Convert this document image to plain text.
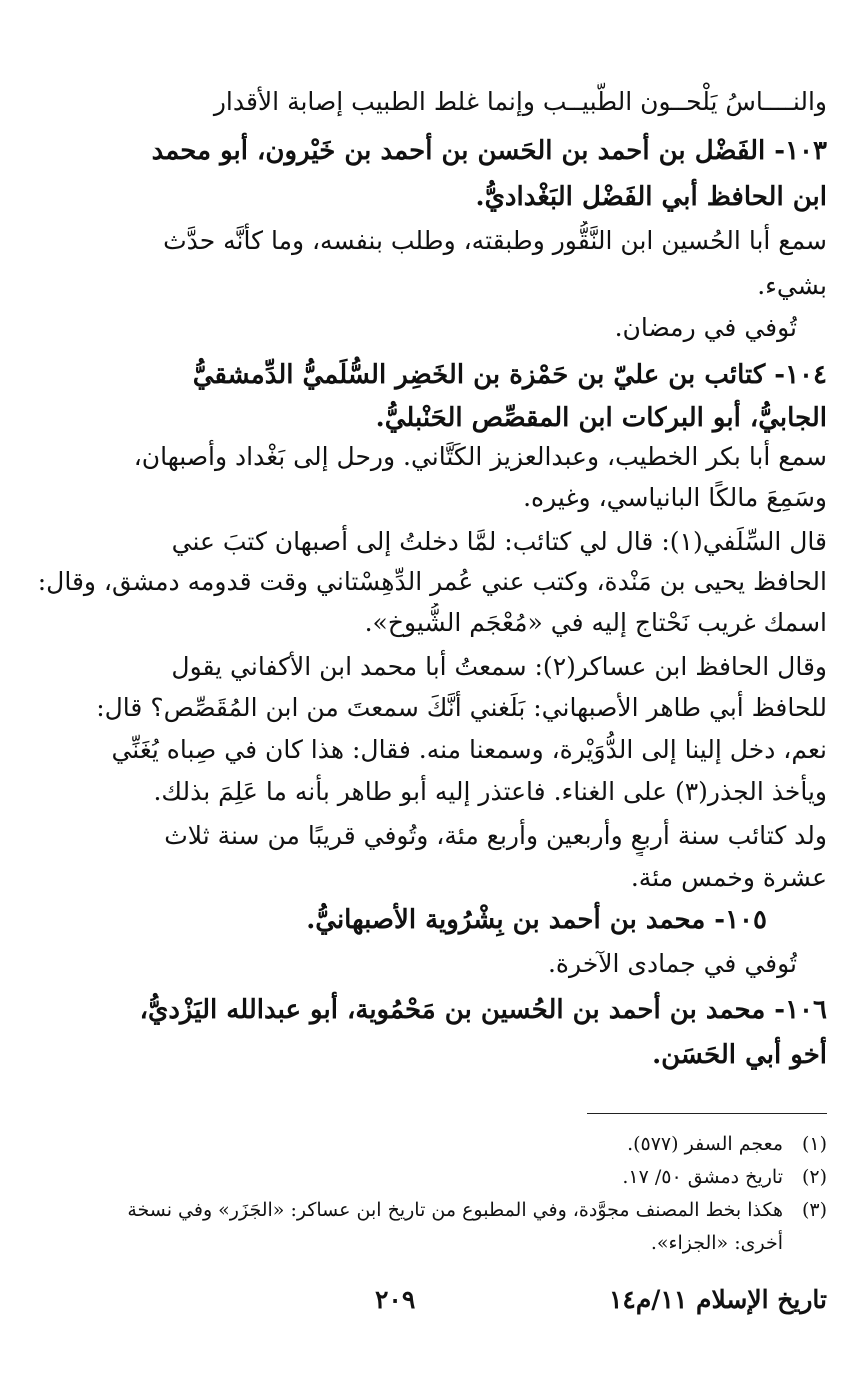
والنــــاسُ يَلْحــون الطَّبيــب وإنما غلط الطبيب إصابة الأقدار
١٠٣- الفَضْل بن أحمد بن الحَسن بن أحمد بن خَيْرون، أبو محمد
ابن الحافظ أبي الفَضْل البَغْداديُّ.
سمع أبا الحُسين ابن النَّقُّور وطبقته، وطلب بنفسه، وما كأنَّه حدَّث
بشيء.
تُوفي في رمضان.
١٠٤- كتائب بن عليّ بن حَمْزة بن الخَضِر السُّلَميُّ الدِّمشقيُّ
الجابيُّ، أبو البركات ابن المقصِّص الحَنْبليُّ.
سمع أبا بكر الخطيب، وعبدالعزيز الكَتَّاني. ورحل إلى بَغْداد وأصبهان،
وسَمِعَ مالكًا البانياسي، وغيره.
قال السِّلَفي(١): قال لي كتائب: لمَّا دخلتُ إلى أصبهان كتبَ عني
الحافظ يحيى بن مَنْدة، وكتب عني عُمر الدِّهِسْتاني وقت قدومه دمشق، وقال:
اسمك غريب نَحْتاج إليه في «مُعْجَم الشُّيوخ».
وقال الحافظ ابن عساكر(٢): سمعتُ أبا محمد ابن الأكفاني يقول
للحافظ أبي طاهر الأصبهاني: بَلَغني أنَّكَ سمعتَ من ابن المُقَصِّص؟ قال:
نعم، دخل إلينا إلى الدُّوَيْرة، وسمعنا منه. فقال: هذا كان في صِباه يُغَنِّي
ويأخذ الجذر(٣) على الغناء. فاعتذر إليه أبو طاهر بأنه ما عَلِمَ بذلك.
ولد كتائب سنة أربعٍ وأربعين وأربع مئة، وتُوفي قريبًا من سنة ثلاث
عشرة وخمس مئة.
١٠٥- محمد بن أحمد بن بِشْرُوية الأصبهانيُّ.
تُوفي في جمادى الآخرة.
١٠٦- محمد بن أحمد بن الحُسين بن مَحْمُوية، أبو عبدالله اليَزْديُّ،
أخو أبي الحَسَن.
(١)معجم السفر (٥٧٧).
(٢)تاريخ دمشق ٥٠/ ١٧.
(٣)هكذا بخط المصنف مجوَّدة، وفي المطبوع من تاريخ ابن عساكر: «الجَزَر» وفي نسخة
أخرى: «الجزاء».
تاريخ الإسلام ١١/م١٤
٢٠٩
